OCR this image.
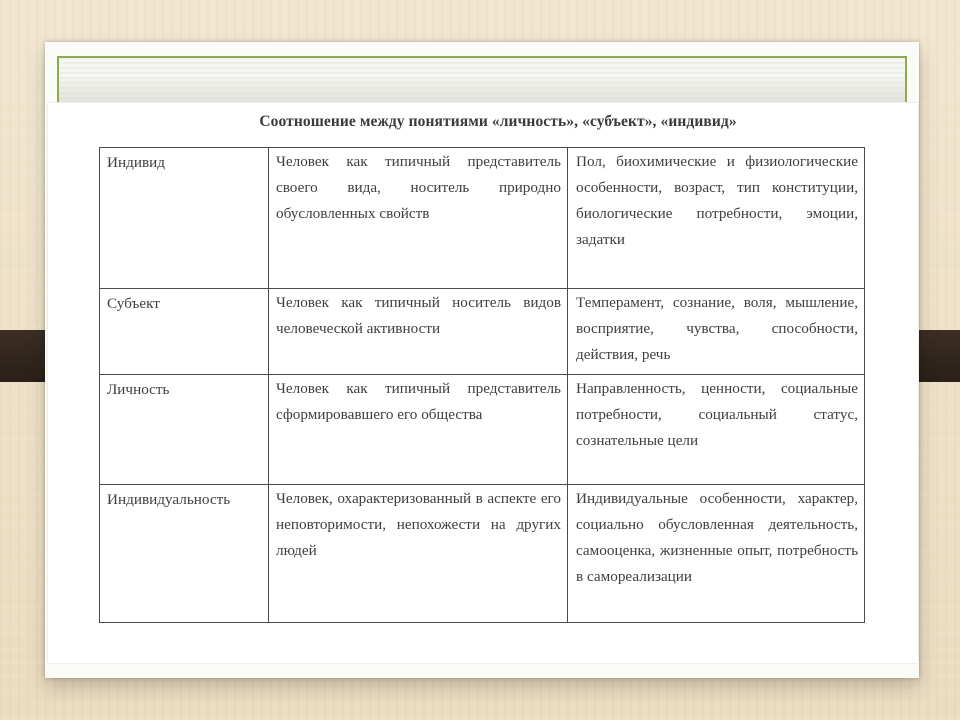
Соотношение между понятиями «личность», «субъект», «индивид»

Индивид	Человек как типичный представитель своего вида, носитель природно обусловленных свойств	Пол, биохимические и физиологические особенности, возраст, тип конституции, биологические потребности, эмоции, задатки
Субъект	Человек как типичный носитель видов человеческой активности	Темперамент, сознание, воля, мышление, восприятие, чувства, способности, действия, речь
Личность	Человек как типичный представитель сформировавшего его общества	Направленность, ценности, социальные потребности, социальный статус, сознательные цели
Индивидуальность	Человек, охарактеризованный в аспекте его неповторимости, непохожести на других людей	Индивидуальные особенности, характер, социально обусловленная деятельность, самооценка, жизненные опыт, потребность в самореализации
